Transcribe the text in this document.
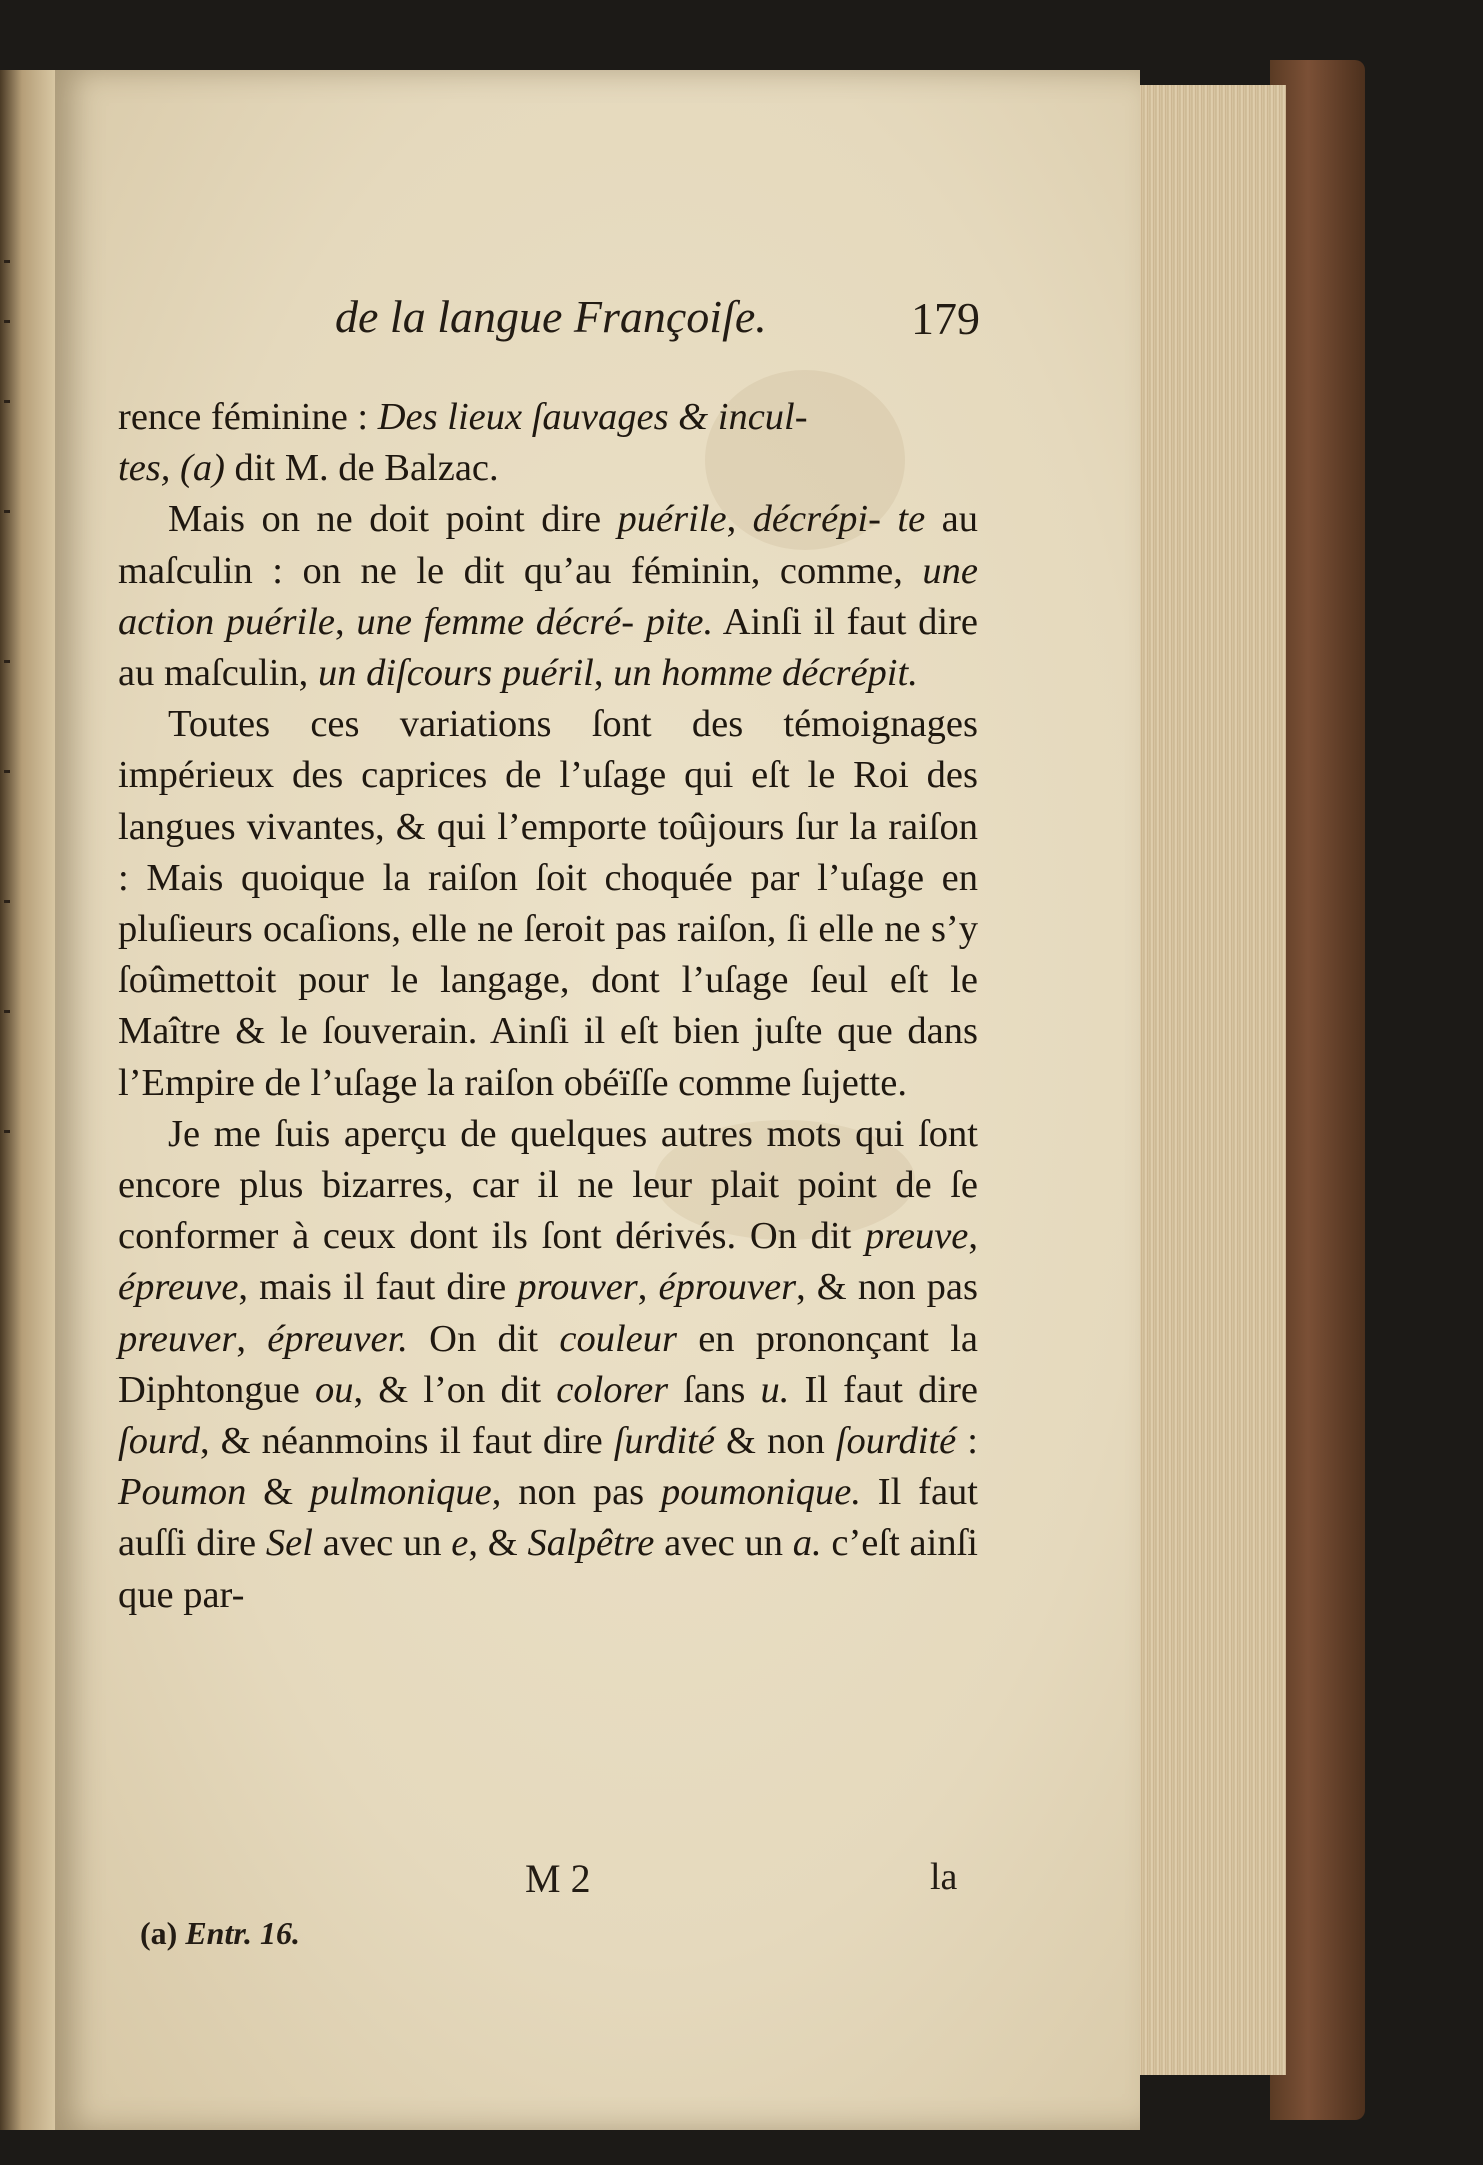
de la langue Françoiſe.	179

rence féminine : Des lieux ſauvages & incul-
tes, (a) dit M. de Balzac.

Mais on ne doit point dire puérile, décrépi- te au maſculin : on ne le dit qu’au féminin, comme, une action puérile, une femme décré- pite. Ainſi il faut dire au maſculin, un diſcours puéril, un homme décrépit.

Toutes ces variations ſont des témoignages impérieux des caprices de l’uſage qui eſt le Roi des langues vivantes, & qui l’emporte toûjours ſur la raiſon : Mais quoique la raiſon ſoit choquée par l’uſage en pluſieurs ocaſions, elle ne ſeroit pas raiſon, ſi elle ne s’y ſoûmettoit pour le langage, dont l’uſage ſeul eſt le Maître & le ſouverain. Ainſi il eſt bien juſte que dans l’Empire de l’uſage la raiſon obéïſſe comme ſujette.

Je me ſuis aperçu de quelques autres mots qui ſont encore plus bizarres, car il ne leur plait point de ſe conformer à ceux dont ils ſont dérivés. On dit preuve, épreuve, mais il faut dire prouver, éprouver, & non pas preuver, épreuver. On dit couleur en prononçant la Diphtongue ou, & l’on dit colorer ſans u. Il faut dire ſourd, & néanmoins il faut dire ſurdité & non ſourdité : Poumon & pulmonique, non pas poumonique. Il faut auſſi dire Sel avec un e, & Salpêtre avec un a. c’eſt ainſi que par-

M 2	la
(a) Entr. 16.
